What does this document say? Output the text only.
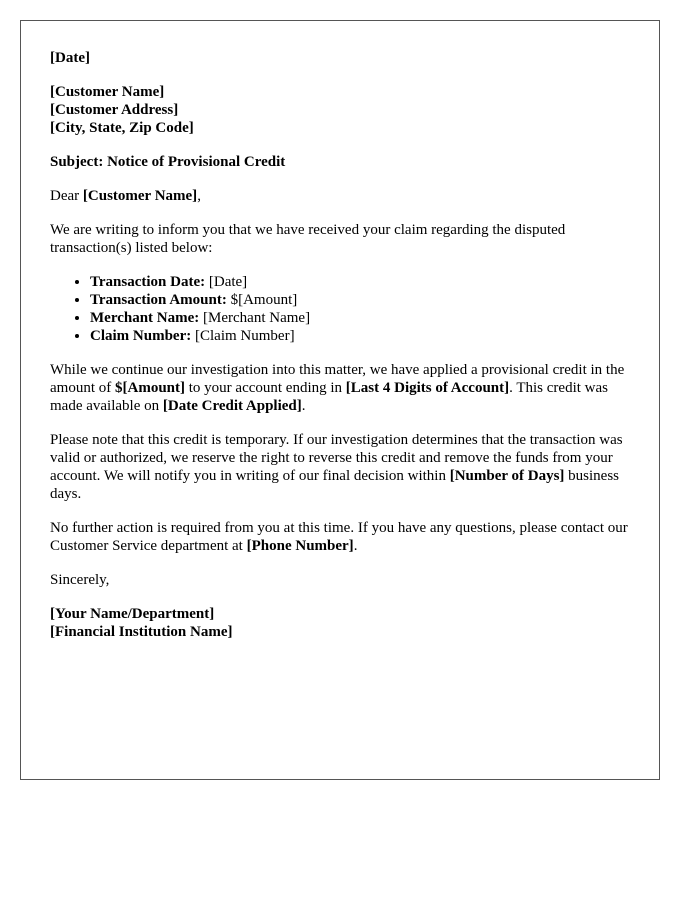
[Date]

[Customer Name]
[Customer Address]
[City, State, Zip Code]

Subject: Notice of Provisional Credit

Dear [Customer Name],

We are writing to inform you that we have received your claim regarding the disputed transaction(s) listed below:

• Transaction Date: [Date]
• Transaction Amount: $[Amount]
• Merchant Name: [Merchant Name]
• Claim Number: [Claim Number]

While we continue our investigation into this matter, we have applied a provisional credit in the amount of $[Amount] to your account ending in [Last 4 Digits of Account]. This credit was made available on [Date Credit Applied].

Please note that this credit is temporary. If our investigation determines that the transaction was valid or authorized, we reserve the right to reverse this credit and remove the funds from your account. We will notify you in writing of our final decision within [Number of Days] business days.

No further action is required from you at this time. If you have any questions, please contact our Customer Service department at [Phone Number].

Sincerely,

[Your Name/Department]
[Financial Institution Name]
